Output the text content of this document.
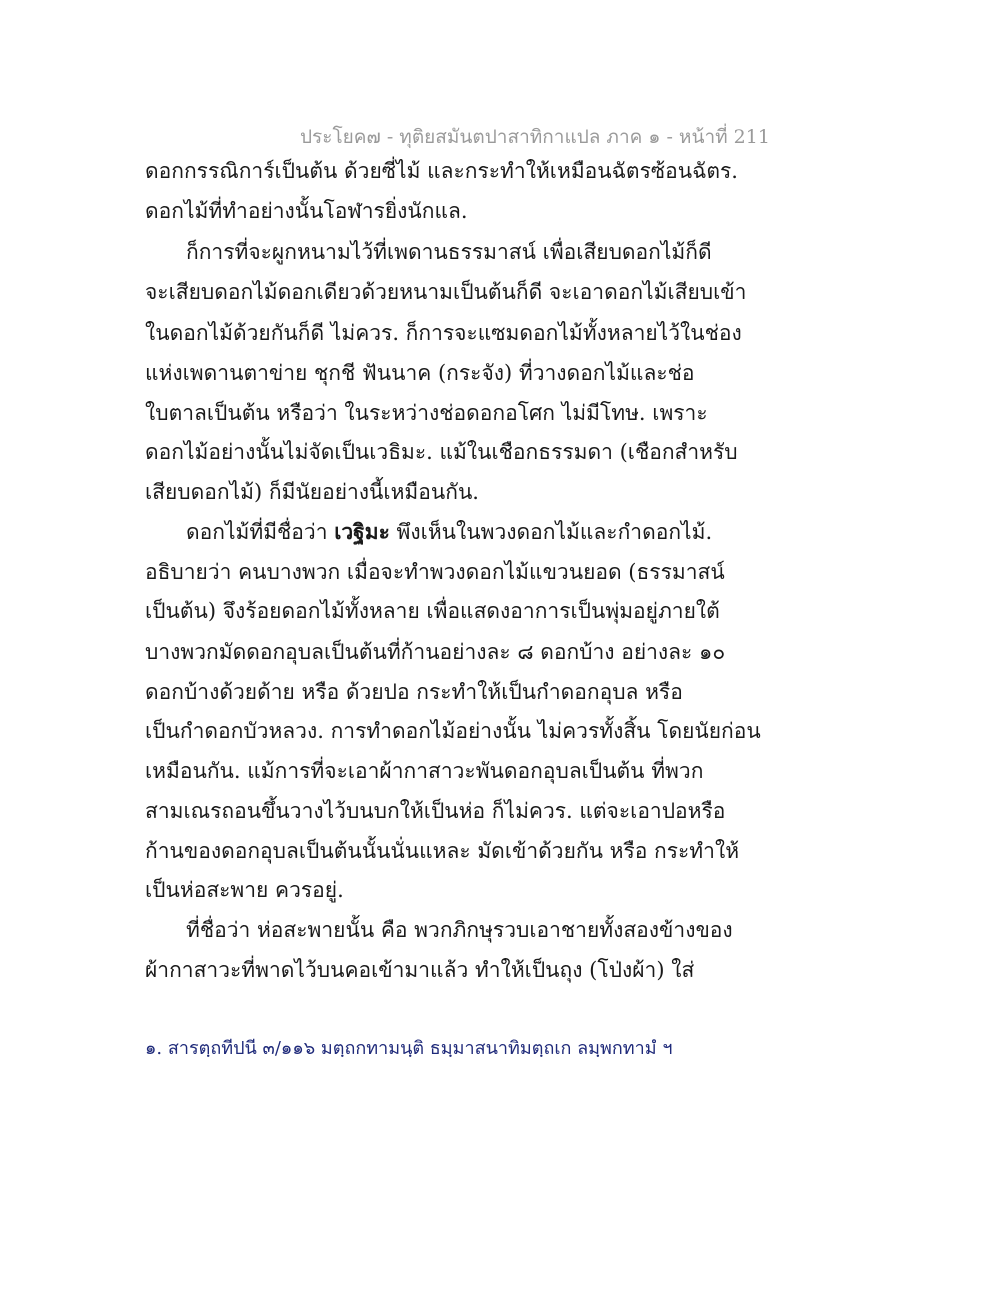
ประโยค๗ - ทุติยสมันตปาสาทิกาแปล ภาค ๑ - หน้าที่ 211
ดอกกรรณิการ์เป็นต้น ด้วยซี่ไม้ และกระทำให้เหมือนฉัตรซ้อนฉัตร.
ดอกไม้ที่ทำอย่างนั้นโอฬารยิ่งนักแล.
ก็การที่จะผูกหนามไว้ที่เพดานธรรมาสน์ เพื่อเสียบดอกไม้ก็ดี
จะเสียบดอกไม้ดอกเดียวด้วยหนามเป็นต้นก็ดี จะเอาดอกไม้เสียบเข้า
ในดอกไม้ด้วยกันก็ดี ไม่ควร. ก็การจะแซมดอกไม้ทั้งหลายไว้ในช่อง
แห่งเพดานตาข่าย ชุกชี ฟันนาค (กระจัง) ที่วางดอกไม้และช่อ
ใบตาลเป็นต้น หรือว่า ในระหว่างช่อดอกอโศก ไม่มีโทษ. เพราะ
ดอกไม้อย่างนั้นไม่จัดเป็นเวธิมะ. แม้ในเชือกธรรมดา (เชือกสำหรับ
เสียบดอกไม้) ก็มีนัยอย่างนี้เหมือนกัน.
ดอกไม้ที่มีชื่อว่า เวฐิมะ พึงเห็นในพวงดอกไม้และกำดอกไม้.
อธิบายว่า คนบางพวก เมื่อจะทำพวงดอกไม้แขวนยอด (ธรรมาสน์
เป็นต้น) จึงร้อยดอกไม้ทั้งหลาย เพื่อแสดงอาการเป็นพุ่มอยู่ภายใต้
บางพวกมัดดอกอุบลเป็นต้นที่ก้านอย่างละ ๘ ดอกบ้าง อย่างละ ๑๐
ดอกบ้างด้วยด้าย หรือ ด้วยปอ กระทำให้เป็นกำดอกอุบล หรือ
เป็นกำดอกบัวหลวง. การทำดอกไม้อย่างนั้น ไม่ควรทั้งสิ้น โดยนัยก่อน
เหมือนกัน. แม้การที่จะเอาผ้ากาสาวะพันดอกอุบลเป็นต้น ที่พวก
สามเณรถอนขึ้นวางไว้บนบกให้เป็นห่อ ก็ไม่ควร. แต่จะเอาปอหรือ
ก้านของดอกอุบลเป็นต้นนั้นนั่นแหละ มัดเข้าด้วยกัน หรือ กระทำให้
เป็นห่อสะพาย ควรอยู่.
ที่ชื่อว่า ห่อสะพายนั้น คือ พวกภิกษุรวบเอาชายทั้งสองข้างของ
ผ้ากาสาวะที่พาดไว้บนคอเข้ามาแล้ว ทำให้เป็นถุง (โป่งผ้า) ใส่
๑. สารตฺถทีปนี ๓/๑๑๖ มตฺถกทามนฺติ ธมฺมาสนาทิมตฺถเก ลมฺพกทามํ ฯ
